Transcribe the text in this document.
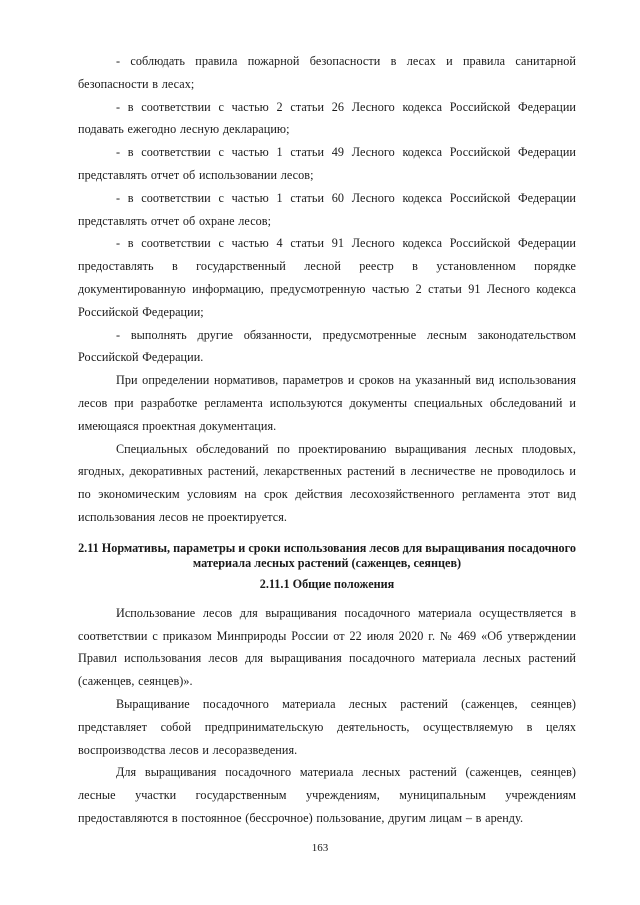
- соблюдать правила пожарной безопасности в лесах и правила санитарной безопасности в лесах;

- в соответствии с частью 2 статьи 26 Лесного кодекса Российской Федерации подавать ежегодно лесную декларацию;

- в соответствии с частью 1 статьи 49 Лесного кодекса Российской Федерации представлять отчет об использовании лесов;

- в соответствии с частью 1 статьи 60 Лесного кодекса Российской Федерации представлять отчет об охране лесов;

- в соответствии с частью 4 статьи 91 Лесного кодекса Российской Федерации предоставлять в государственный лесной реестр в установленном порядке документированную информацию, предусмотренную частью 2 статьи 91 Лесного кодекса Российской Федерации;

- выполнять другие обязанности, предусмотренные лесным законодательством Российской Федерации.

При определении нормативов, параметров и сроков на указанный вид использования лесов при разработке регламента используются документы специальных обследований и имеющаяся проектная документация.

Специальных обследований по проектированию выращивания лесных плодовых, ягодных, декоративных растений, лекарственных растений в лесничестве не проводилось и по экономическим условиям на срок действия лесохозяйственного регламента этот вид использования лесов не проектируется.

2.11 Нормативы, параметры и сроки использования лесов для выращивания посадочного материала лесных растений (саженцев, сеянцев)
2.11.1 Общие положения

Использование лесов для выращивания посадочного материала осуществляется в соответствии с приказом Минприроды России от 22 июля 2020 г. № 469 «Об утверждении Правил использования лесов для выращивания посадочного материала лесных растений (саженцев, сеянцев)».

Выращивание посадочного материала лесных растений (саженцев, сеянцев) представляет собой предпринимательскую деятельность, осуществляемую в целях воспроизводства лесов и лесоразведения.

Для выращивания посадочного материала лесных растений (саженцев, сеянцев) лесные участки государственным учреждениям, муниципальным учреждениям предоставляются в постоянное (бессрочное) пользование, другим лицам – в аренду.

163
